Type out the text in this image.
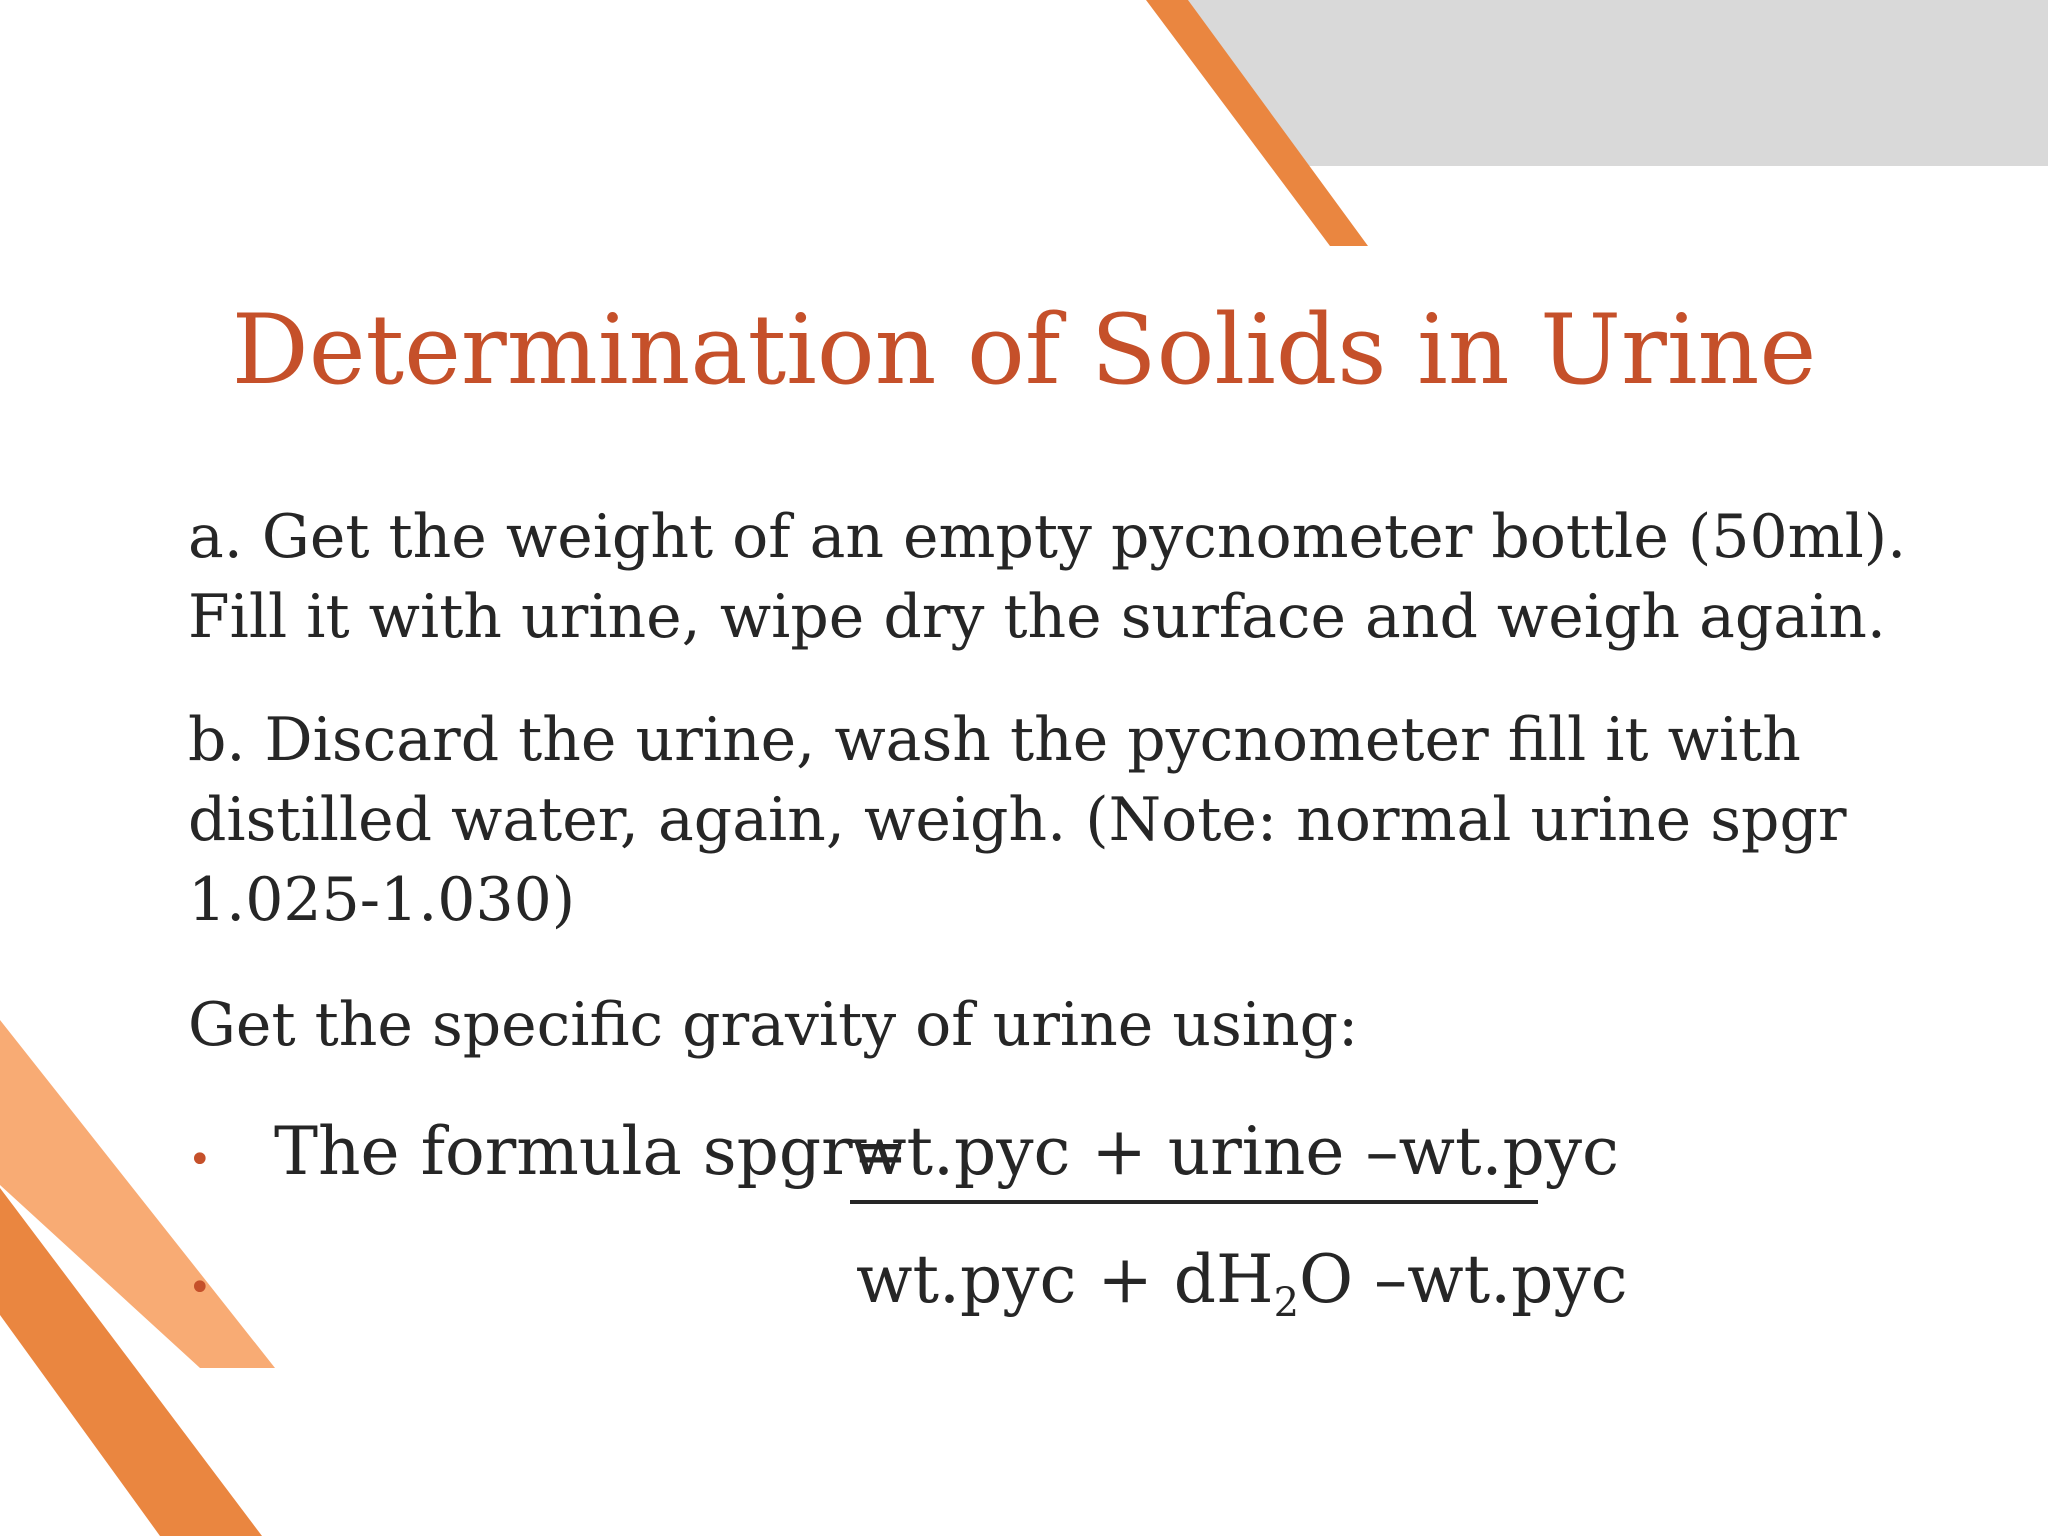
Determination of Solids in Urine
a. Get the weight of an empty pycnometer bottle (50ml).
Fill it with urine, wipe dry the surface and weigh again.
b. Discard the urine, wash the pycnometer fill it with
distilled water, again, weigh. (Note: normal urine spgr
1.025-1.030)
Get the specific gravity of urine using:
• The formula spgr=
wt.pyc + urine –wt.pyc
•	$wt.pyc + dH_2O$ –wt.pyc
